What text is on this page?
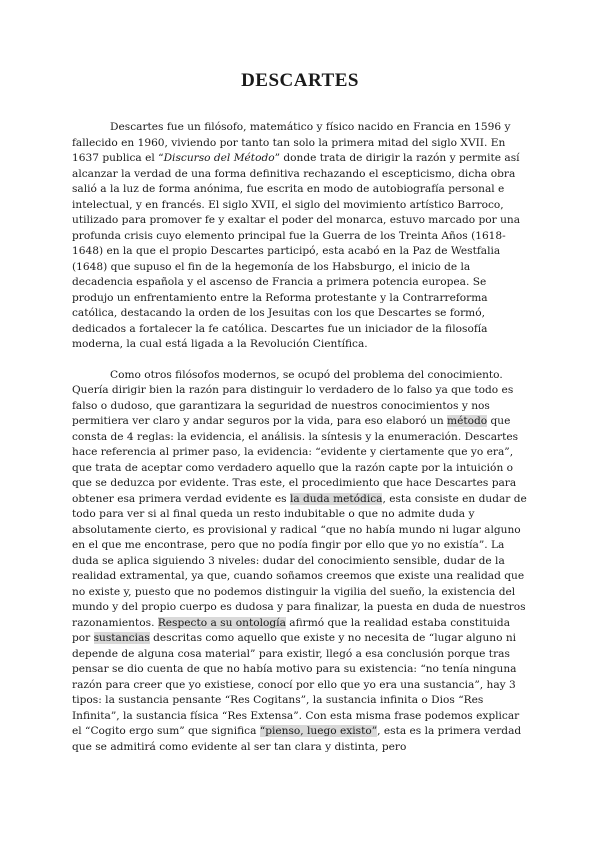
DESCARTES

Descartes fue un filósofo, matemático y físico nacido en Francia en 1596 y fallecido en 1960, viviendo por tanto tan solo la primera mitad del siglo XVII. En 1637 publica el “Discurso del Método” donde trata de dirigir la razón y permite así alcanzar la verdad de una forma definitiva rechazando el escepticismo, dicha obra salió a la luz de forma anónima, fue escrita en modo de autobiografía personal e intelectual, y en francés. El siglo XVII, el siglo del movimiento artístico Barroco, utilizado para promover fe y exaltar el poder del monarca, estuvo marcado por una profunda crisis cuyo elemento principal fue la Guerra de los Treinta Años (1618-1648) en la que el propio Descartes participó, esta acabó en la Paz de Westfalia (1648) que supuso el fin de la hegemonía de los Habsburgo, el inicio de la decadencia española y el ascenso de Francia a primera potencia europea. Se produjo un enfrentamiento entre la Reforma protestante y la Contrarreforma católica, destacando la orden de los Jesuitas con los que Descartes se formó, dedicados a fortalecer la fe católica. Descartes fue un iniciador de la filosofía moderna, la cual está ligada a la Revolución Científica.

Como otros filósofos modernos, se ocupó del problema del conocimiento. Quería dirigir bien la razón para distinguir lo verdadero de lo falso ya que todo es falso o dudoso, que garantizara la seguridad de nuestros conocimientos y nos permitiera ver claro y andar seguros por la vida, para eso elaboró un método que consta de 4 reglas: la evidencia, el análisis. la síntesis y la enumeración. Descartes hace referencia al primer paso, la evidencia: “evidente y ciertamente que yo era”, que trata de aceptar como verdadero aquello que la razón capte por la intuición o que se deduzca por evidente. Tras este, el procedimiento que hace Descartes para obtener esa primera verdad evidente es la duda metódica, esta consiste en dudar de todo para ver si al final queda un resto indubitable o que no admite duda y absolutamente cierto, es provisional y radical “que no había mundo ni lugar alguno en el que me encontrase, pero que no podía fingir por ello que yo no existía”. La duda se aplica siguiendo 3 niveles: dudar del conocimiento sensible, dudar de la realidad extramental, ya que, cuando soñamos creemos que existe una realidad que no existe y, puesto que no podemos distinguir la vigilia del sueño, la existencia del mundo y del propio cuerpo es dudosa y para finalizar, la puesta en duda de nuestros razonamientos. Respecto a su ontología afirmó que la realidad estaba constituida por sustancias descritas como aquello que existe y no necesita de “lugar alguno ni depende de alguna cosa material” para existir, llegó a esa conclusión porque tras pensar se dio cuenta de que no había motivo para su existencia: “no tenía ninguna razón para creer que yo existiese, conocí por ello que yo era una sustancia”, hay 3 tipos: la sustancia pensante “Res Cogitans”, la sustancia infinita o Dios “Res Infinita”, la sustancia física “Res Extensa”. Con esta misma frase podemos explicar el “Cogito ergo sum” que significa “pienso, luego existo”, esta es la primera verdad que se admitirá como evidente al ser tan clara y distinta, pero
